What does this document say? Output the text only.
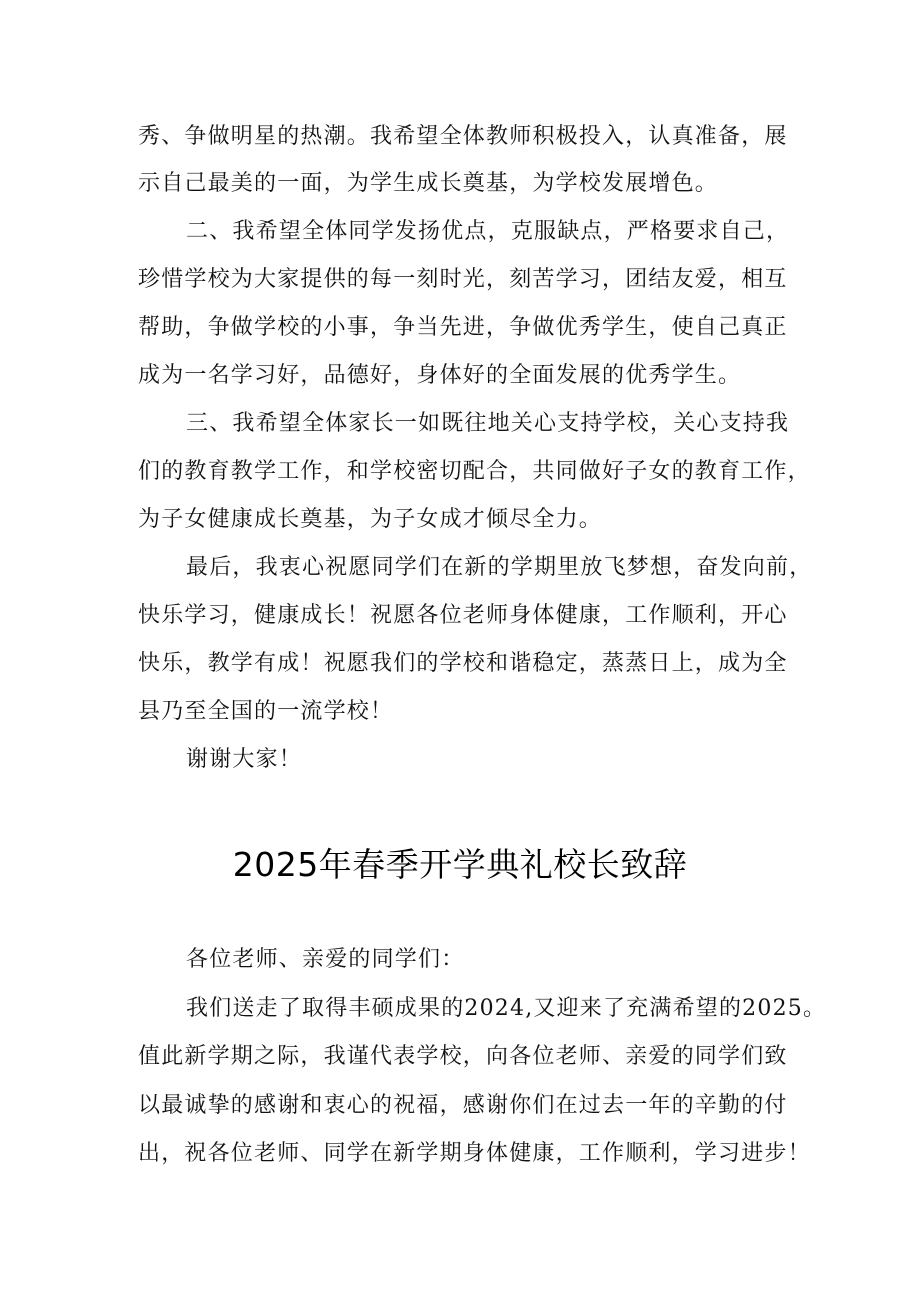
秀、争做明星的热潮。我希望全体教师积极投入，认真准备，展
示自己最美的一面，为学生成长奠基，为学校发展增色。
二、我希望全体同学发扬优点，克服缺点，严格要求自己，
珍惜学校为大家提供的每一刻时光，刻苦学习，团结友爱，相互
帮助，争做学校的小事，争当先进，争做优秀学生，使自己真正
成为一名学习好，品德好，身体好的全面发展的优秀学生。
三、我希望全体家长一如既往地关心支持学校，关心支持我
们的教育教学工作，和学校密切配合，共同做好子女的教育工作，
为子女健康成长奠基，为子女成才倾尽全力。
最后，我衷心祝愿同学们在新的学期里放飞梦想，奋发向前，
快乐学习，健康成长！祝愿各位老师身体健康，工作顺利，开心
快乐，教学有成！祝愿我们的学校和谐稳定，蒸蒸日上，成为全
县乃至全国的一流学校！
谢谢大家！
2025年春季开学典礼校长致辞
各位老师、亲爱的同学们：
我们送走了取得丰硕成果的2024,又迎来了充满希望的2025。
值此新学期之际，我谨代表学校，向各位老师、亲爱的同学们致
以最诚挚的感谢和衷心的祝福，感谢你们在过去一年的辛勤的付
出，祝各位老师、同学在新学期身体健康，工作顺利，学习进步！
